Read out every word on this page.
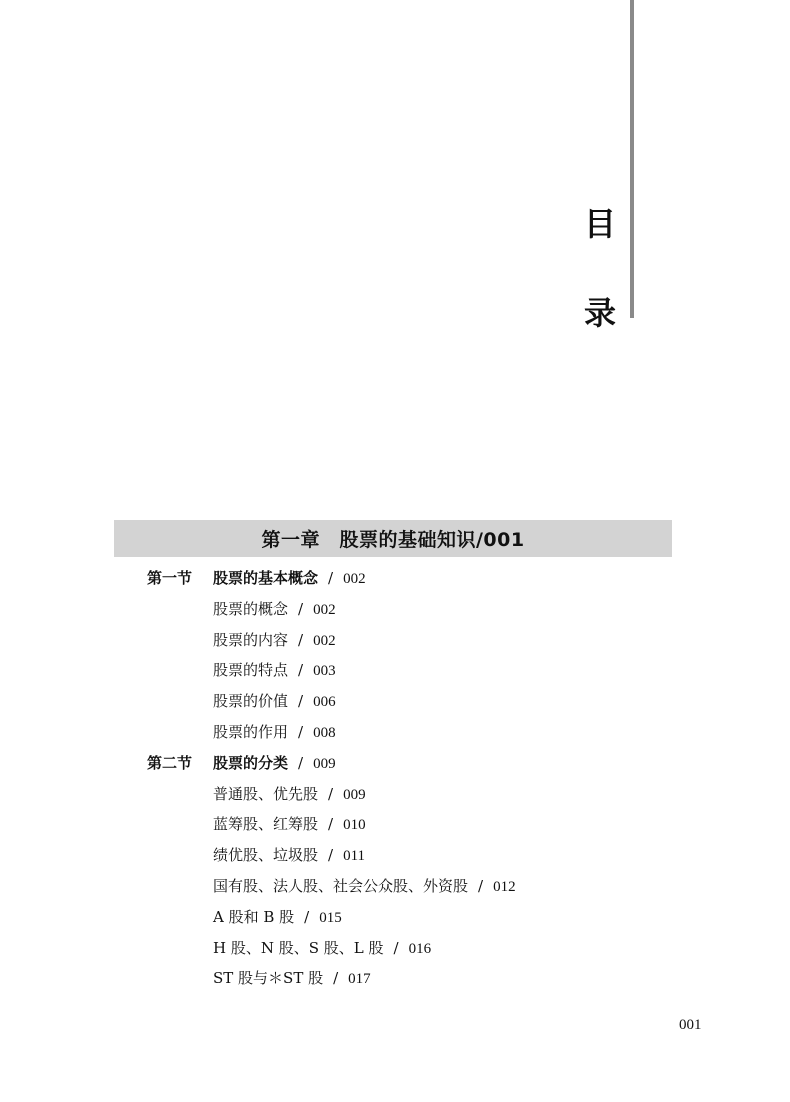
目
录
第一章　股票的基础知识/001
第一节 股票的基本概念 / 002
股票的概念 / 002
股票的内容 / 002
股票的特点 / 003
股票的价值 / 006
股票的作用 / 008
第二节 股票的分类 / 009
普通股、优先股 / 009
蓝筹股、红筹股 / 010
绩优股、垃圾股 / 011
国有股、法人股、社会公众股、外资股 / 012
A 股和 B 股 / 015
H 股、N 股、S 股、L 股 / 016
ST 股与＊ST 股 / 017
001
